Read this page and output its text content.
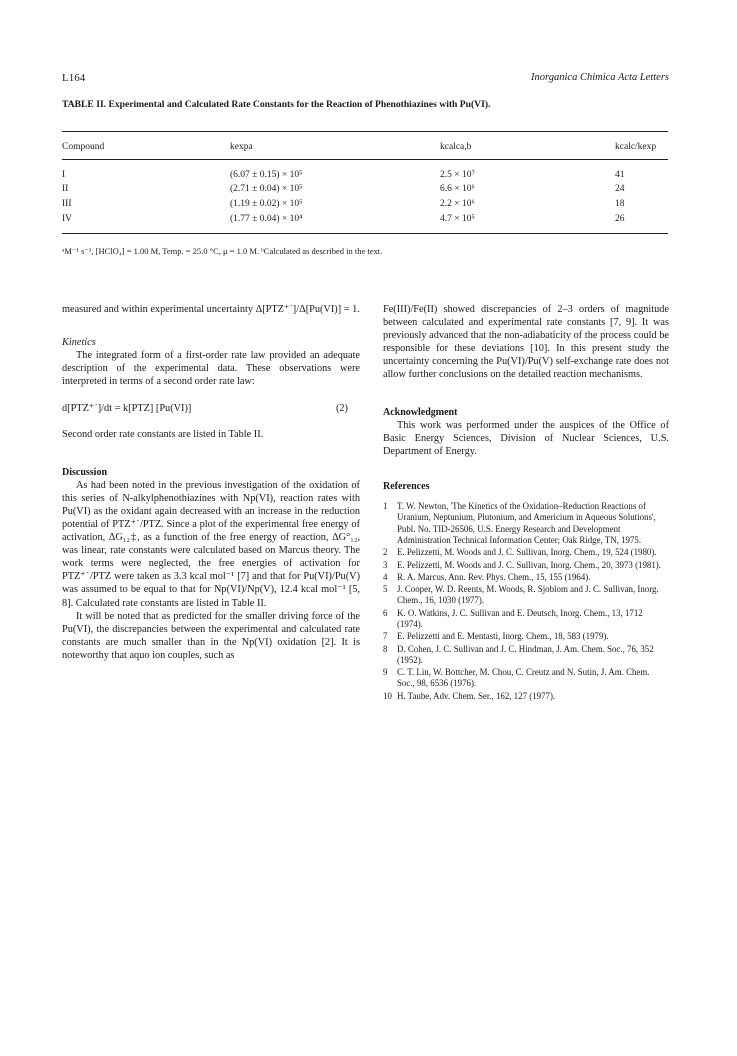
L164	Inorganica Chimica Acta Letters
TABLE II. Experimental and Calculated Rate Constants for the Reaction of Phenothiazines with Pu(VI).
Compound	kexpa	kcalca,b	kcalc/kexp
I	(6.07 ± 0.15) × 10⁵	2.5 × 10⁷	41
II	(2.71 ± 0.04) × 10⁵	6.6 × 10⁶	24
III	(1.19 ± 0.02) × 10⁵	2.2 × 10⁶	18
IV	(1.77 ± 0.04) × 10⁴	4.7 × 10⁵	26
ᵃM⁻¹ s⁻¹, [HClO₄] = 1.00 M, Temp. = 25.0 °C, μ = 1.0 M. ᵇCalculated as described in the text.

measured and within experimental uncertainty Δ[PTZ⁺˙]/Δ[Pu(VI)] = 1.

Kinetics

The integrated form of a first-order rate law provided an adequate description of the experimental data. These observations were interpreted in terms of a second order rate law:

d[PTZ⁺˙]/dt = k[PTZ] [Pu(VI)]	(2)

Second order rate constants are listed in Table II.

Discussion

As had been noted in the previous investigation of the oxidation of this series of N-alkylphenothiazines with Np(VI), reaction rates with Pu(VI) as the oxidant again decreased with an increase in the reduction potential of PTZ⁺˙/PTZ. Since a plot of the experimental free energy of activation, ΔG₁₂‡, as a function of the free energy of reaction, ΔG°₁₂, was linear, rate constants were calculated based on Marcus theory. The work terms were neglected, the free energies of activation for PTZ⁺˙/PTZ were taken as 3.3 kcal mol⁻¹ [7] and that for Pu(VI)/Pu(V) was assumed to be equal to that for Np(VI)/Np(V), 12.4 kcal mol⁻¹ [5, 8]. Calculated rate constants are listed in Table II.

It will be noted that as predicted for the smaller driving force of the Pu(VI), the discrepancies between the experimental and calculated rate constants are much smaller than in the Np(VI) oxidation [2]. It is noteworthy that aquo ion couples, such as

Fe(III)/Fe(II) showed discrepancies of 2–3 orders of magnitude between calculated and experimental rate constants [7, 9]. It was previously advanced that the non-adiabaticity of the process could be responsible for these deviations [10]. In this present study the uncertainty concerning the Pu(VI)/Pu(V) self-exchange rate does not allow further conclusions on the detailed reaction mechanisms.

Acknowledgment

This work was performed under the auspices of the Office of Basic Energy Sciences, Division of Nuclear Sciences, U.S. Department of Energy.

References

1 T. W. Newton, 'The Kinetics of the Oxidation–Reduction Reactions of Uranium, Neptunium, Plutonium, and Americium in Aqueous Solutions', Publ. No. TID-26506, U.S. Energy Research and Development Administration Technical Information Center; Oak Ridge, TN, 1975.
2 E. Pelizzetti, M. Woods and J. C. Sullivan, Inorg. Chem., 19, 524 (1980).
3 E. Pelizzetti, M. Woods and J. C. Sullivan, Inorg. Chem., 20, 3973 (1981).
4 R. A. Marcus, Ann. Rev. Phys. Chem., 15, 155 (1964).
5 J. Cooper, W. D. Reents, M. Woods, R. Sjoblom and J. C. Sullivan, Inorg. Chem., 16, 1030 (1977).
6 K. O. Watkins, J. C. Sullivan and E. Deutsch, Inorg. Chem., 13, 1712 (1974).
7 E. Pelizzetti and E. Mentasti, Inorg. Chem., 18, 583 (1979).
8 D. Cohen, J. C. Sullivan and J. C. Hindman, J. Am. Chem. Soc., 76, 352 (1952).
9 C. T. Lin, W. Bottcher, M. Chou, C. Creutz and N. Sutin, J. Am. Chem. Soc., 98, 6536 (1976).
10 H. Taube, Adv. Chem. Ser., 162, 127 (1977).
